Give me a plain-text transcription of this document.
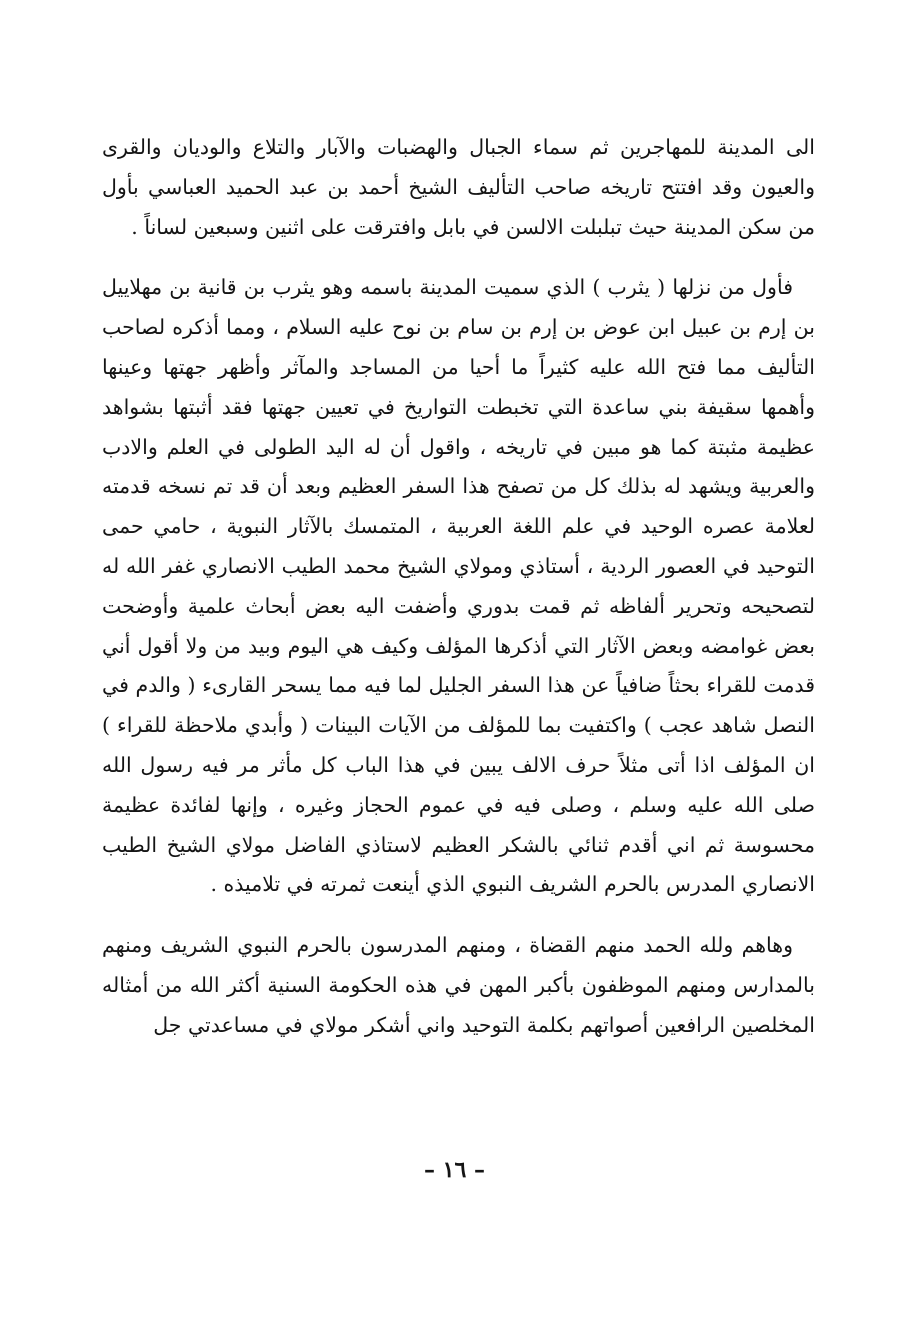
الى المدينة للمهاجرين ثم سماء الجبال والهضبات والآبار والتلاع والوديان والقرى والعيون وقد افتتح تاريخه صاحب التأليف الشيخ أحمد بن عبد الحميد العباسي بأول من سكن المدينة حيث تبلبلت الالسن في بابل وافترقت على اثنين وسبعين لساناً .

فأول من نزلها ( يثرب ) الذي سميت المدينة باسمه وهو يثرب بن قانية بن مهلاييل بن إرم بن عبيل ابن عوض بن إرم بن سام بن نوح عليه السلام ، ومما أذكره لصاحب التأليف مما فتح الله عليه كثيراً ما أحيا من المساجد والمآثر وأظهر جهتها وعينها وأهمها سقيفة بني ساعدة التي تخبطت التواريخ في تعيين جهتها فقد أثبتها بشواهد عظيمة مثبتة كما هو مبين في تاريخه ، واقول أن له اليد الطولى في العلم والادب والعربية ويشهد له بذلك كل من تصفح هذا السفر العظيم وبعد أن قد تم نسخه قدمته لعلامة عصره الوحيد في علم اللغة العربية ، المتمسك بالآثار النبوية ، حامي حمى التوحيد في العصور الردية ، أستاذي ومولاي الشيخ محمد الطيب الانصاري غفر الله له لتصحيحه وتحرير ألفاظه ثم قمت بدوري وأضفت اليه بعض أبحاث علمية وأوضحت بعض غوامضه وبعض الآثار التي أذكرها المؤلف وكيف هي اليوم وبيد من ولا أقول أني قدمت للقراء بحثاً ضافياً عن هذا السفر الجليل لما فيه مما يسحر القارىء ( والدم في النصل شاهد عجب ) واكتفيت بما للمؤلف من الآيات البينات ( وأبدي ملاحظة للقراء ) ان المؤلف اذا أتى مثلاً حرف الالف يبين في هذا الباب كل مأثر مر فيه رسول الله صلى الله عليه وسلم ، وصلى فيه في عموم الحجاز وغيره ، وإنها لفائدة عظيمة محسوسة ثم اني أقدم ثنائي بالشكر العظيم لاستاذي الفاضل مولاي الشيخ الطيب الانصاري المدرس بالحرم الشريف النبوي الذي أينعت ثمرته في تلاميذه .

وهاهم ولله الحمد منهم القضاة ، ومنهم المدرسون بالحرم النبوي الشريف ومنهم بالمدارس ومنهم الموظفون بأكبر المهن في هذه الحكومة السنية أكثر الله من أمثاله المخلصين الرافعين أصواتهم بكلمة التوحيد واني أشكر مولاي في مساعدتي جل

– ١٦ –
